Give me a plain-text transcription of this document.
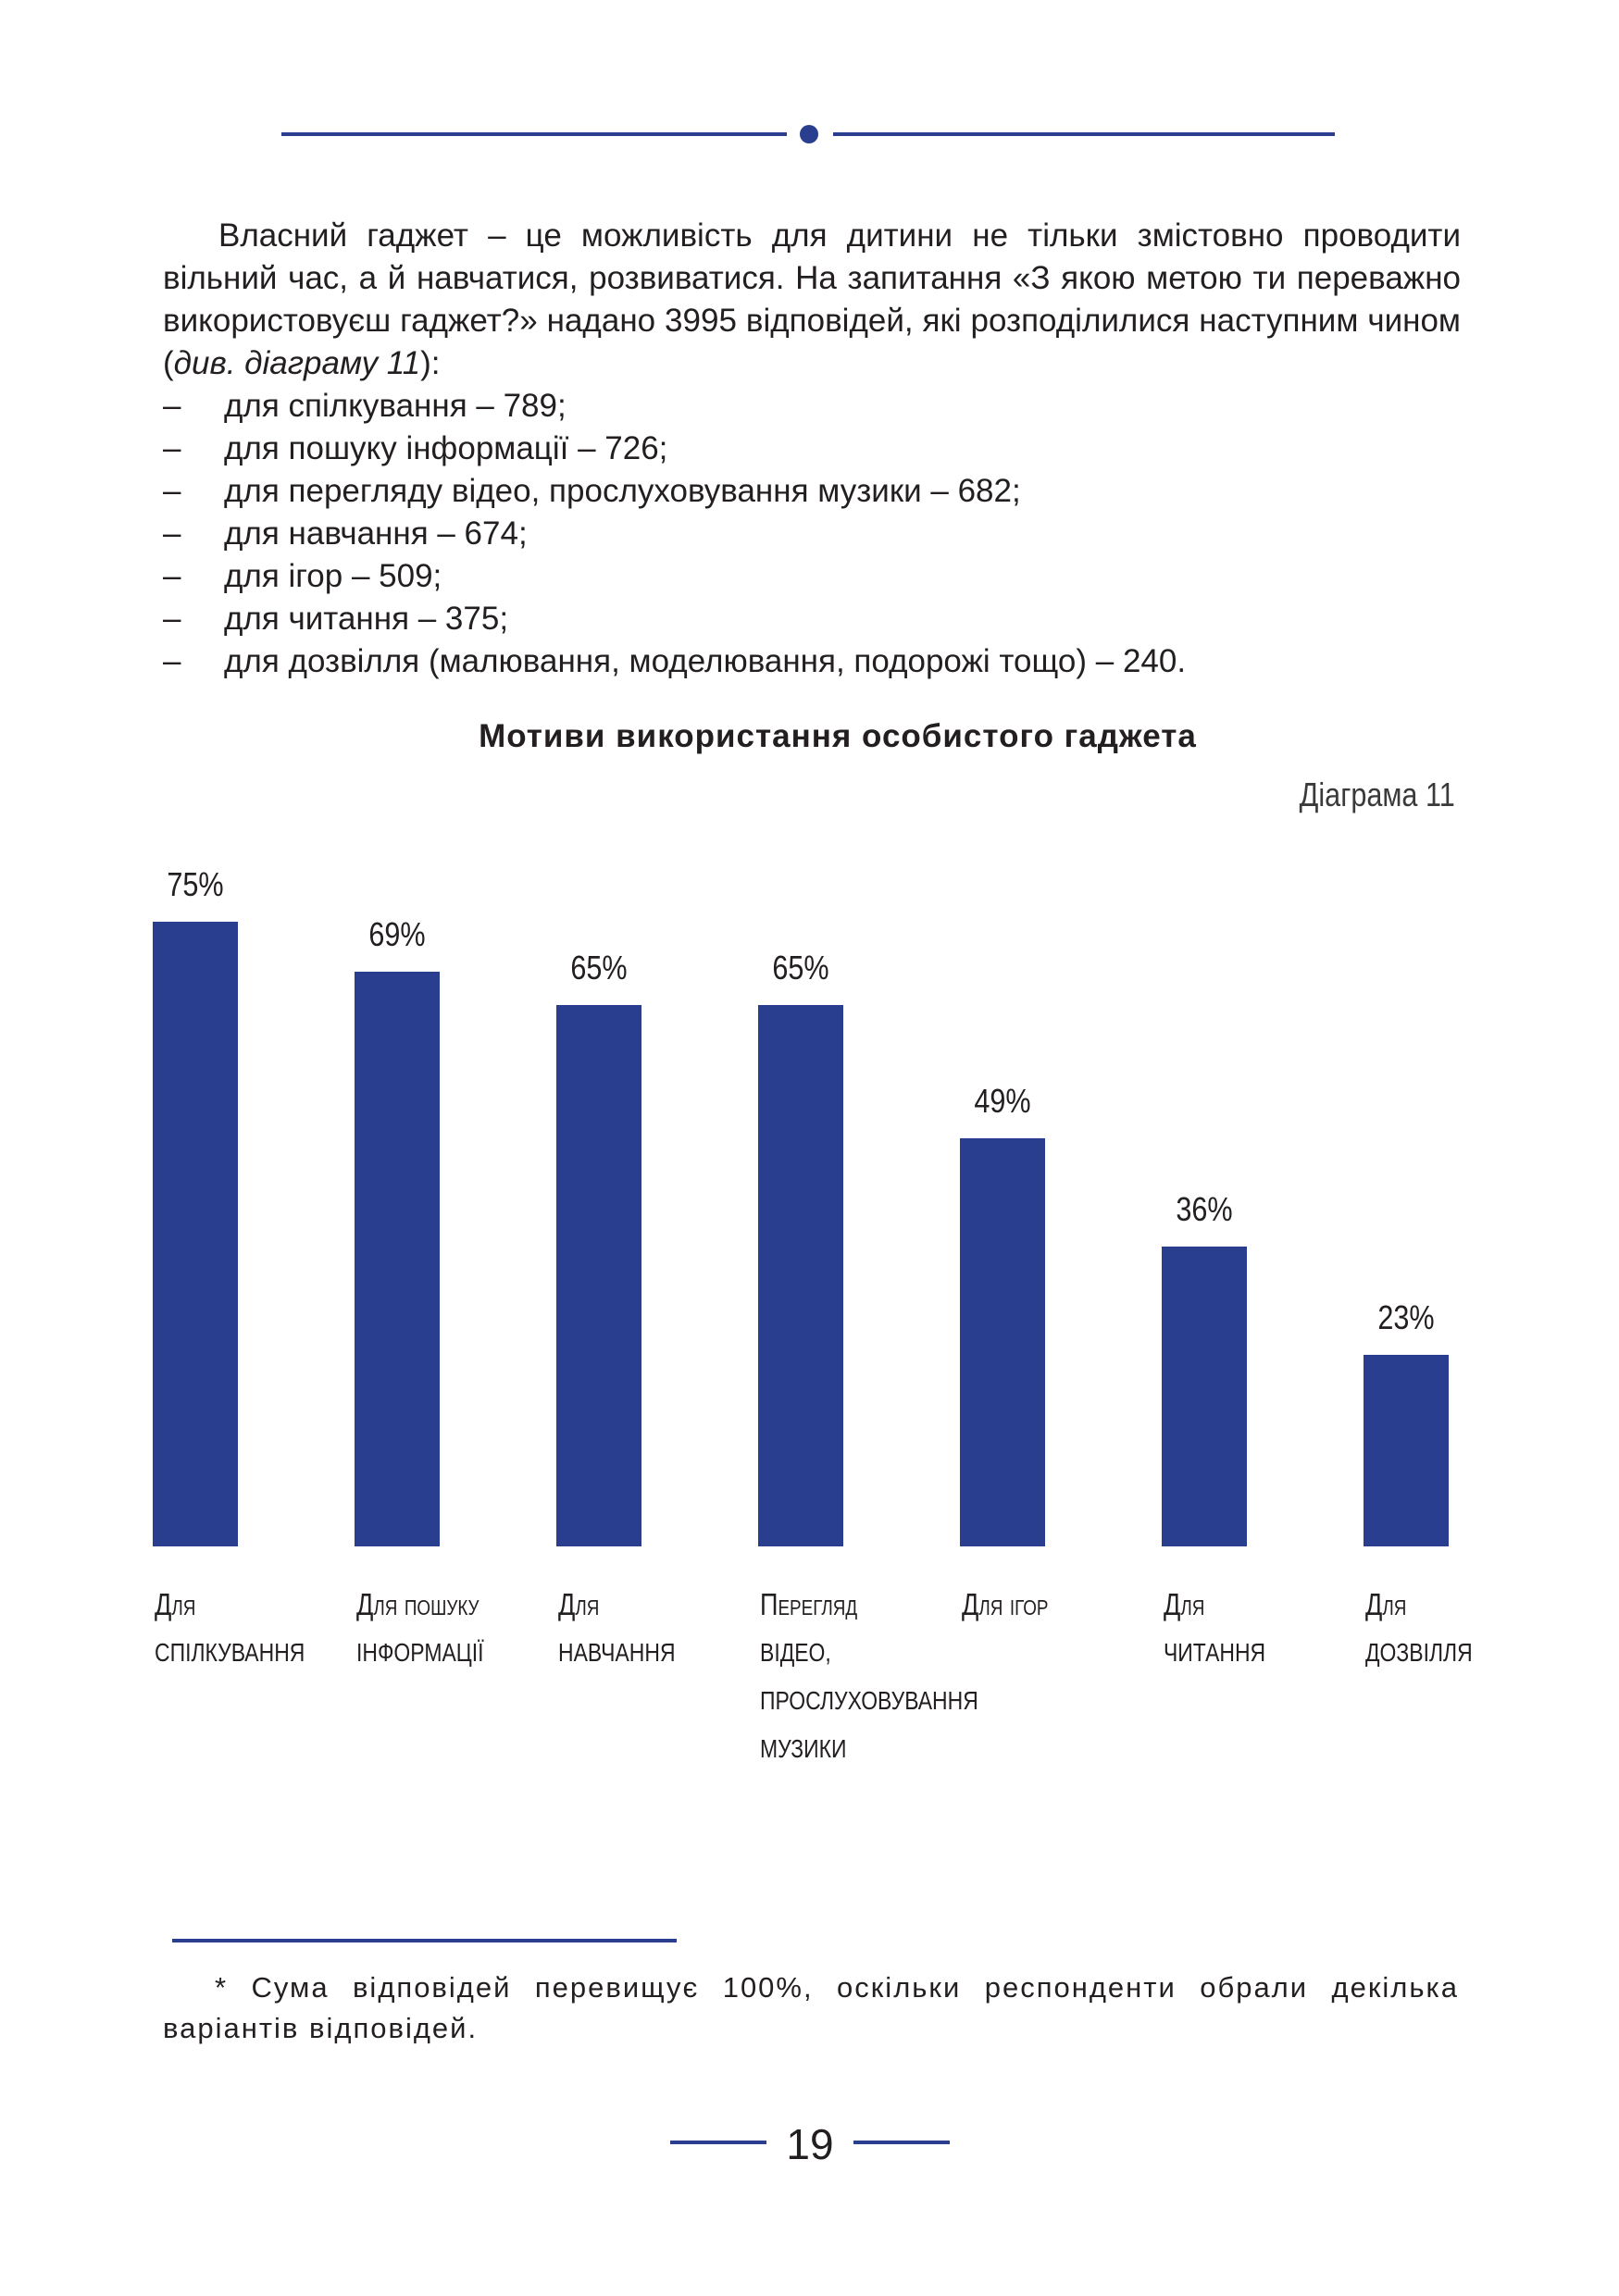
Власний гаджет – це можливість для дитини не тільки змістовно проводити вільний час, а й навчатися, розвиватися. На запитання «З якою метою ти переважно використовуєш гаджет?» надано 3995 відповідей, які розподілилися наступним чином (див. діаграму 11):

– для спілкування – 789;
– для пошуку інформації – 726;
– для перегляду відео, прослуховування музики – 682;
– для навчання – 674;
– для ігор – 509;
– для читання – 375;
– для дозвілля (малювання, моделювання, подорожі тощо) – 240.
Мотиви використання особистого гаджета
Діаграма 11
75%
69%
65%	65%
49%
36%
23%
Для
СПІЛКУВАННЯ
Для пошуку
ІНФОРМАЦІЇ
Для
НАВЧАННЯ
Перегляд
ВІДЕО,
ПРОСЛУХОВУВАННЯ
МУЗИКИ
Для ігор	Для
ЧИТАННЯ
Для
ДОЗВІЛЛЯ

* Сума відповідей перевищує 100%, оскільки респонденти обрали декілька варіантів відповідей.

19
